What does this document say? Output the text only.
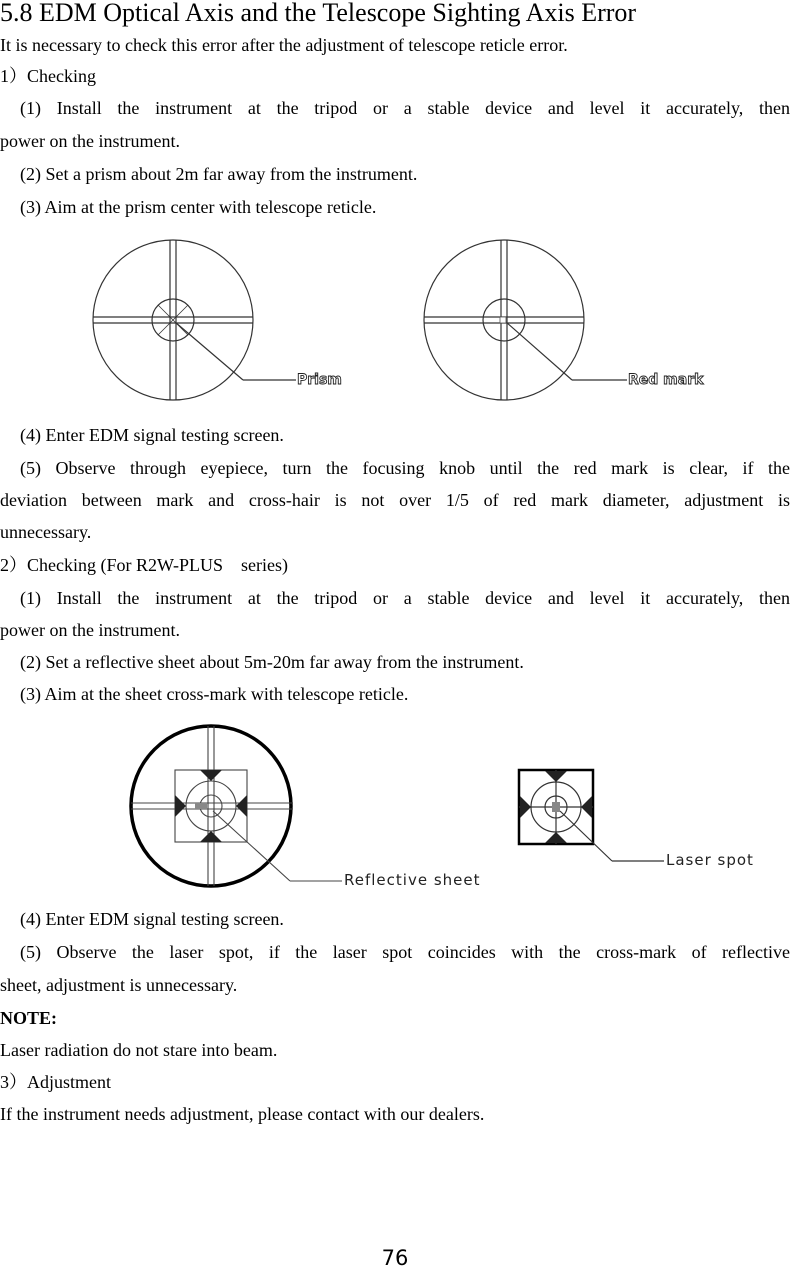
5.8 EDM Optical Axis and the Telescope Sighting Axis Error
It is necessary to check this error after the adjustment of telescope reticle error.
1）Checking
(1) Install the instrument at the tripod or a stable device and level it accurately, then
power on the instrument.
(2) Set a prism about 2m far away from the instrument.
(3) Aim at the prism center with telescope reticle.
Prism	Red mark
(4) Enter EDM signal testing screen.
(5) Observe through eyepiece, turn the focusing knob until the red mark is clear, if the
deviation between mark and cross-hair is not over 1/5 of red mark diameter, adjustment is
unnecessary.
2）Checking (For R2W-PLUS　series)
(1) Install the instrument at the tripod or a stable device and level it accurately, then
power on the instrument.
(2) Set a reflective sheet about 5m-20m far away from the instrument.
(3) Aim at the sheet cross-mark with telescope reticle.
Reflective sheet
Laser spot
(4) Enter EDM signal testing screen.
(5) Observe the laser spot, if the laser spot coincides with the cross-mark of reflective
sheet, adjustment is unnecessary.
NOTE:
Laser radiation do not stare into beam.
3）Adjustment
If the instrument needs adjustment, please contact with our dealers.
76
